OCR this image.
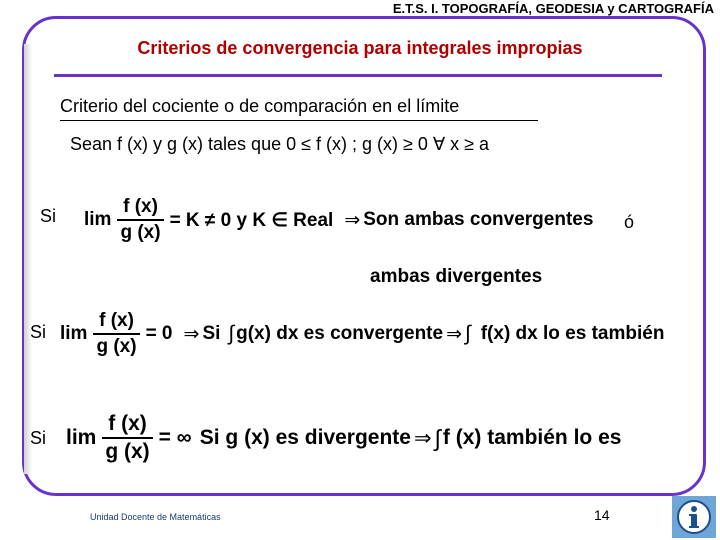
E.T.S. I. TOPOGRAFÍA, GEODESIA y CARTOGRAFÍA
Criterios de convergencia para integrales impropias
Criterio del cociente o de comparación en el límite
Sean f (x) y g (x) tales que 0 ≤ f (x) ; g (x) ≥ 0 ∀ x ≥ a
Si $\lim \frac{f (x)}{g (x)} = K \ne 0$ y K ∈ Real ⇒ Son ambas convergentes ó
ambas divergentes
Si $\lim \frac{f (x)}{g (x)} = 0$ ⇒ Si ∫ g(x) dx es convergente ⇒ ∫ f(x) dx lo es también
Si $\lim \frac{f (x)}{g (x)}$ = ∞ Si g (x) es divergente ⇒ ∫ f (x) también lo es
Unidad Docente de Matemáticas	14
